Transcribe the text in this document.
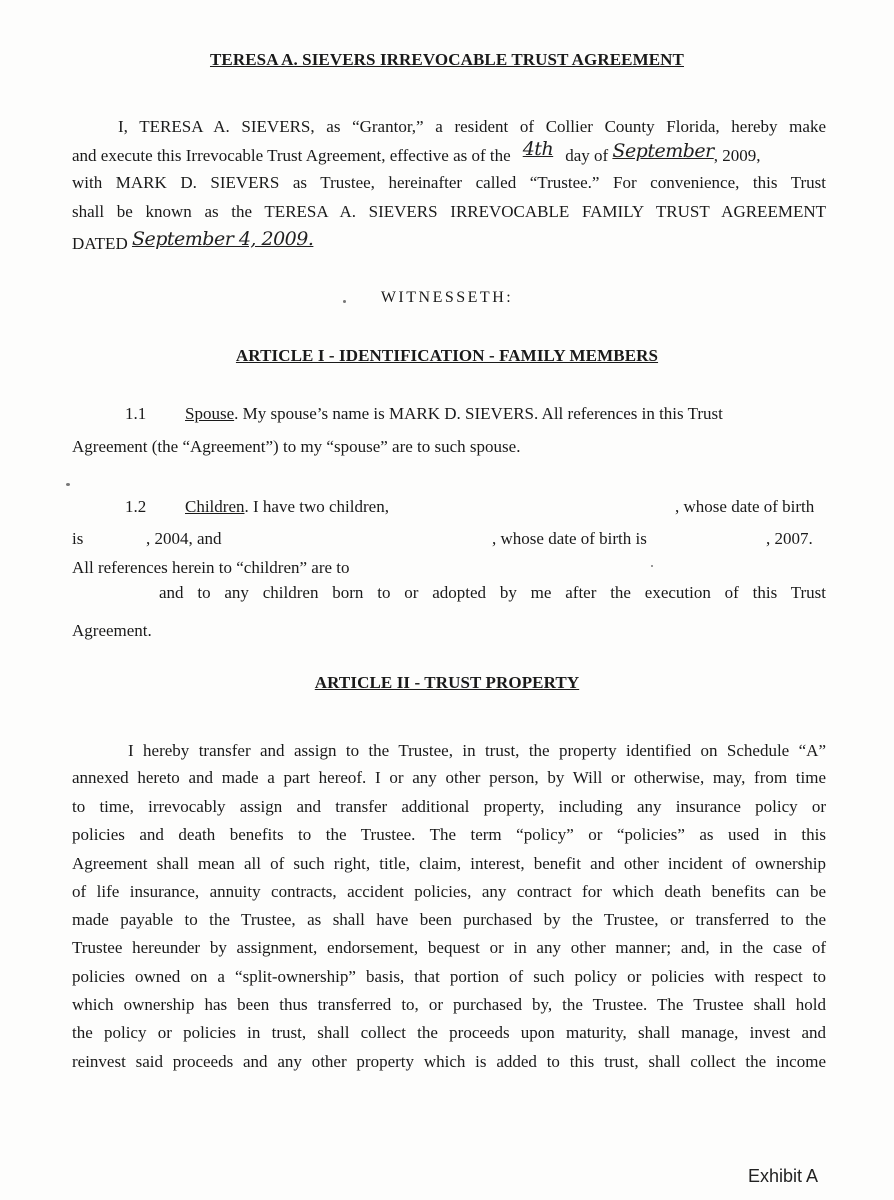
TERESA A. SIEVERS IRREVOCABLE TRUST AGREEMENT
I, TERESA A. SIEVERS, as “Grantor,” a resident of Collier County Florida, hereby make
and execute this Irrevocable Trust Agreement, effective as of the 4th day of September, 2009,
with MARK D. SIEVERS as Trustee, hereinafter called “Trustee.” For convenience, this Trust
shall be known as the TERESA A. SIEVERS IRREVOCABLE FAMILY TRUST AGREEMENT
DATED September 4, 2009.
WITNESSETH:
ARTICLE I - IDENTIFICATION - FAMILY MEMBERS
1.1 Spouse. My spouse’s name is MARK D. SIEVERS. All references in this Trust
Agreement (the “Agreement”) to my “spouse” are to such spouse.
1.2 Children. I have two children,	, whose date of birth
is	, 2004, and	, whose date of birth is	, 2007.
All references herein to “children” are to
and to any children born to or adopted by me after the execution of this Trust
Agreement.
ARTICLE II - TRUST PROPERTY
I hereby transfer and assign to the Trustee, in trust, the property identified on Schedule “A”
annexed hereto and made a part hereof. I or any other person, by Will or otherwise, may, from time
to time, irrevocably assign and transfer additional property, including any insurance policy or
policies and death benefits to the Trustee. The term “policy” or “policies” as used in this
Agreement shall mean all of such right, title, claim, interest, benefit and other incident of ownership
of life insurance, annuity contracts, accident policies, any contract for which death benefits can be
made payable to the Trustee, as shall have been purchased by the Trustee, or transferred to the
Trustee hereunder by assignment, endorsement, bequest or in any other manner; and, in the case of
policies owned on a “split-ownership” basis, that portion of such policy or policies with respect to
which ownership has been thus transferred to, or purchased by, the Trustee. The Trustee shall hold
the policy or policies in trust, shall collect the proceeds upon maturity, shall manage, invest and
reinvest said proceeds and any other property which is added to this trust, shall collect the income
Exhibit A
